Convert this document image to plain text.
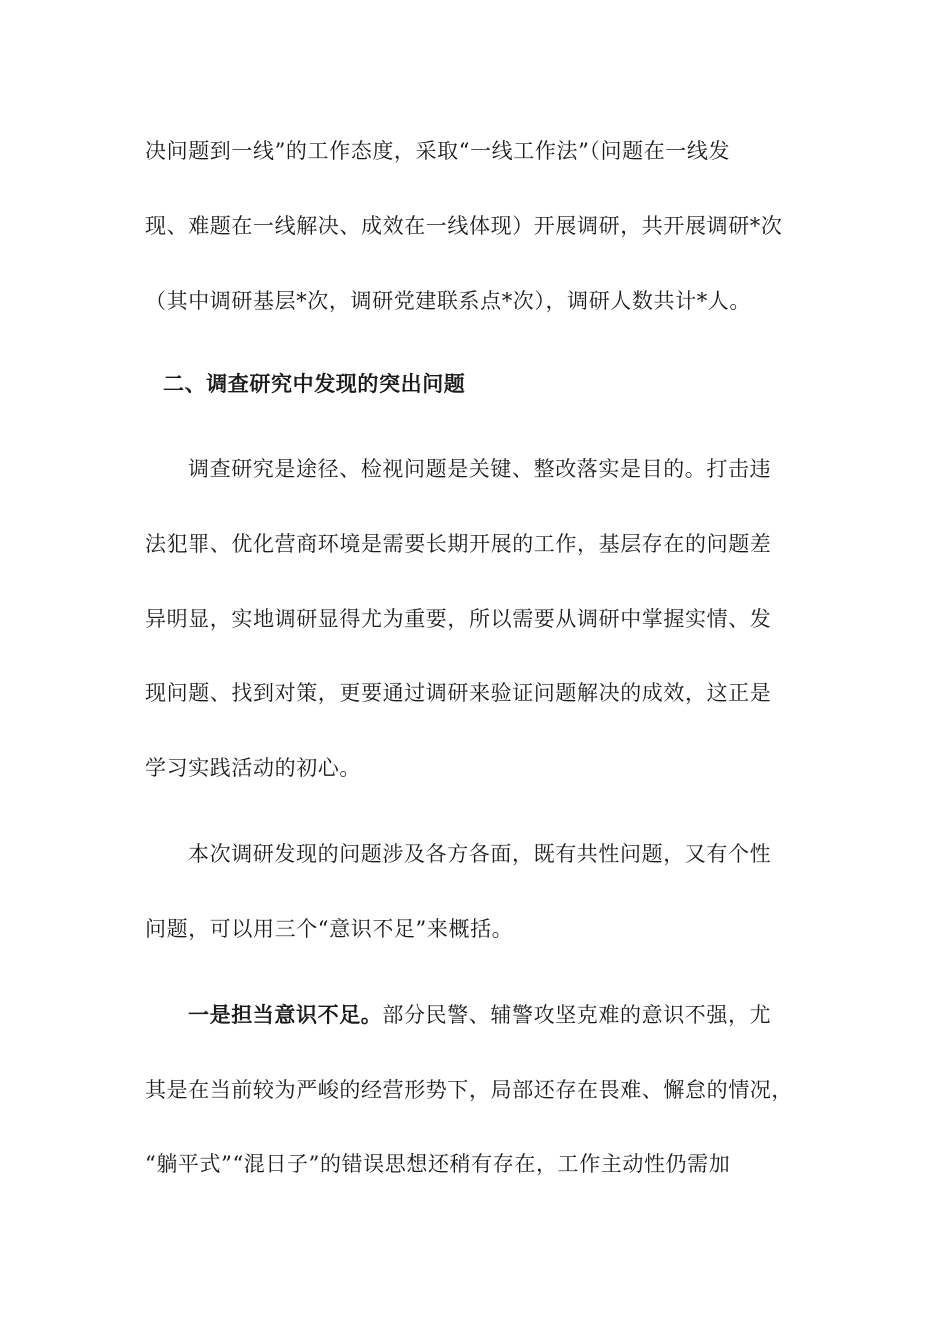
决问题到一线”的工作态度，采取“一线工作法”（问题在一线发
现、难题在一线解决、成效在一线体现）开展调研，共开展调研*次
（其中调研基层*次，调研党建联系点*次），调研人数共计*人。
二、调查研究中发现的突出问题
调查研究是途径、检视问题是关键、整改落实是目的。打击违
法犯罪、优化营商环境是需要长期开展的工作，基层存在的问题差
异明显，实地调研显得尤为重要，所以需要从调研中掌握实情、发
现问题、找到对策，更要通过调研来验证问题解决的成效，这正是
学习实践活动的初心。
本次调研发现的问题涉及各方各面，既有共性问题，又有个性
问题，可以用三个“意识不足”来概括。
一是担当意识不足。部分民警、辅警攻坚克难的意识不强，尤
其是在当前较为严峻的经营形势下，局部还存在畏难、懈怠的情况，
“躺平式”“混日子”的错误思想还稍有存在，工作主动性仍需加
